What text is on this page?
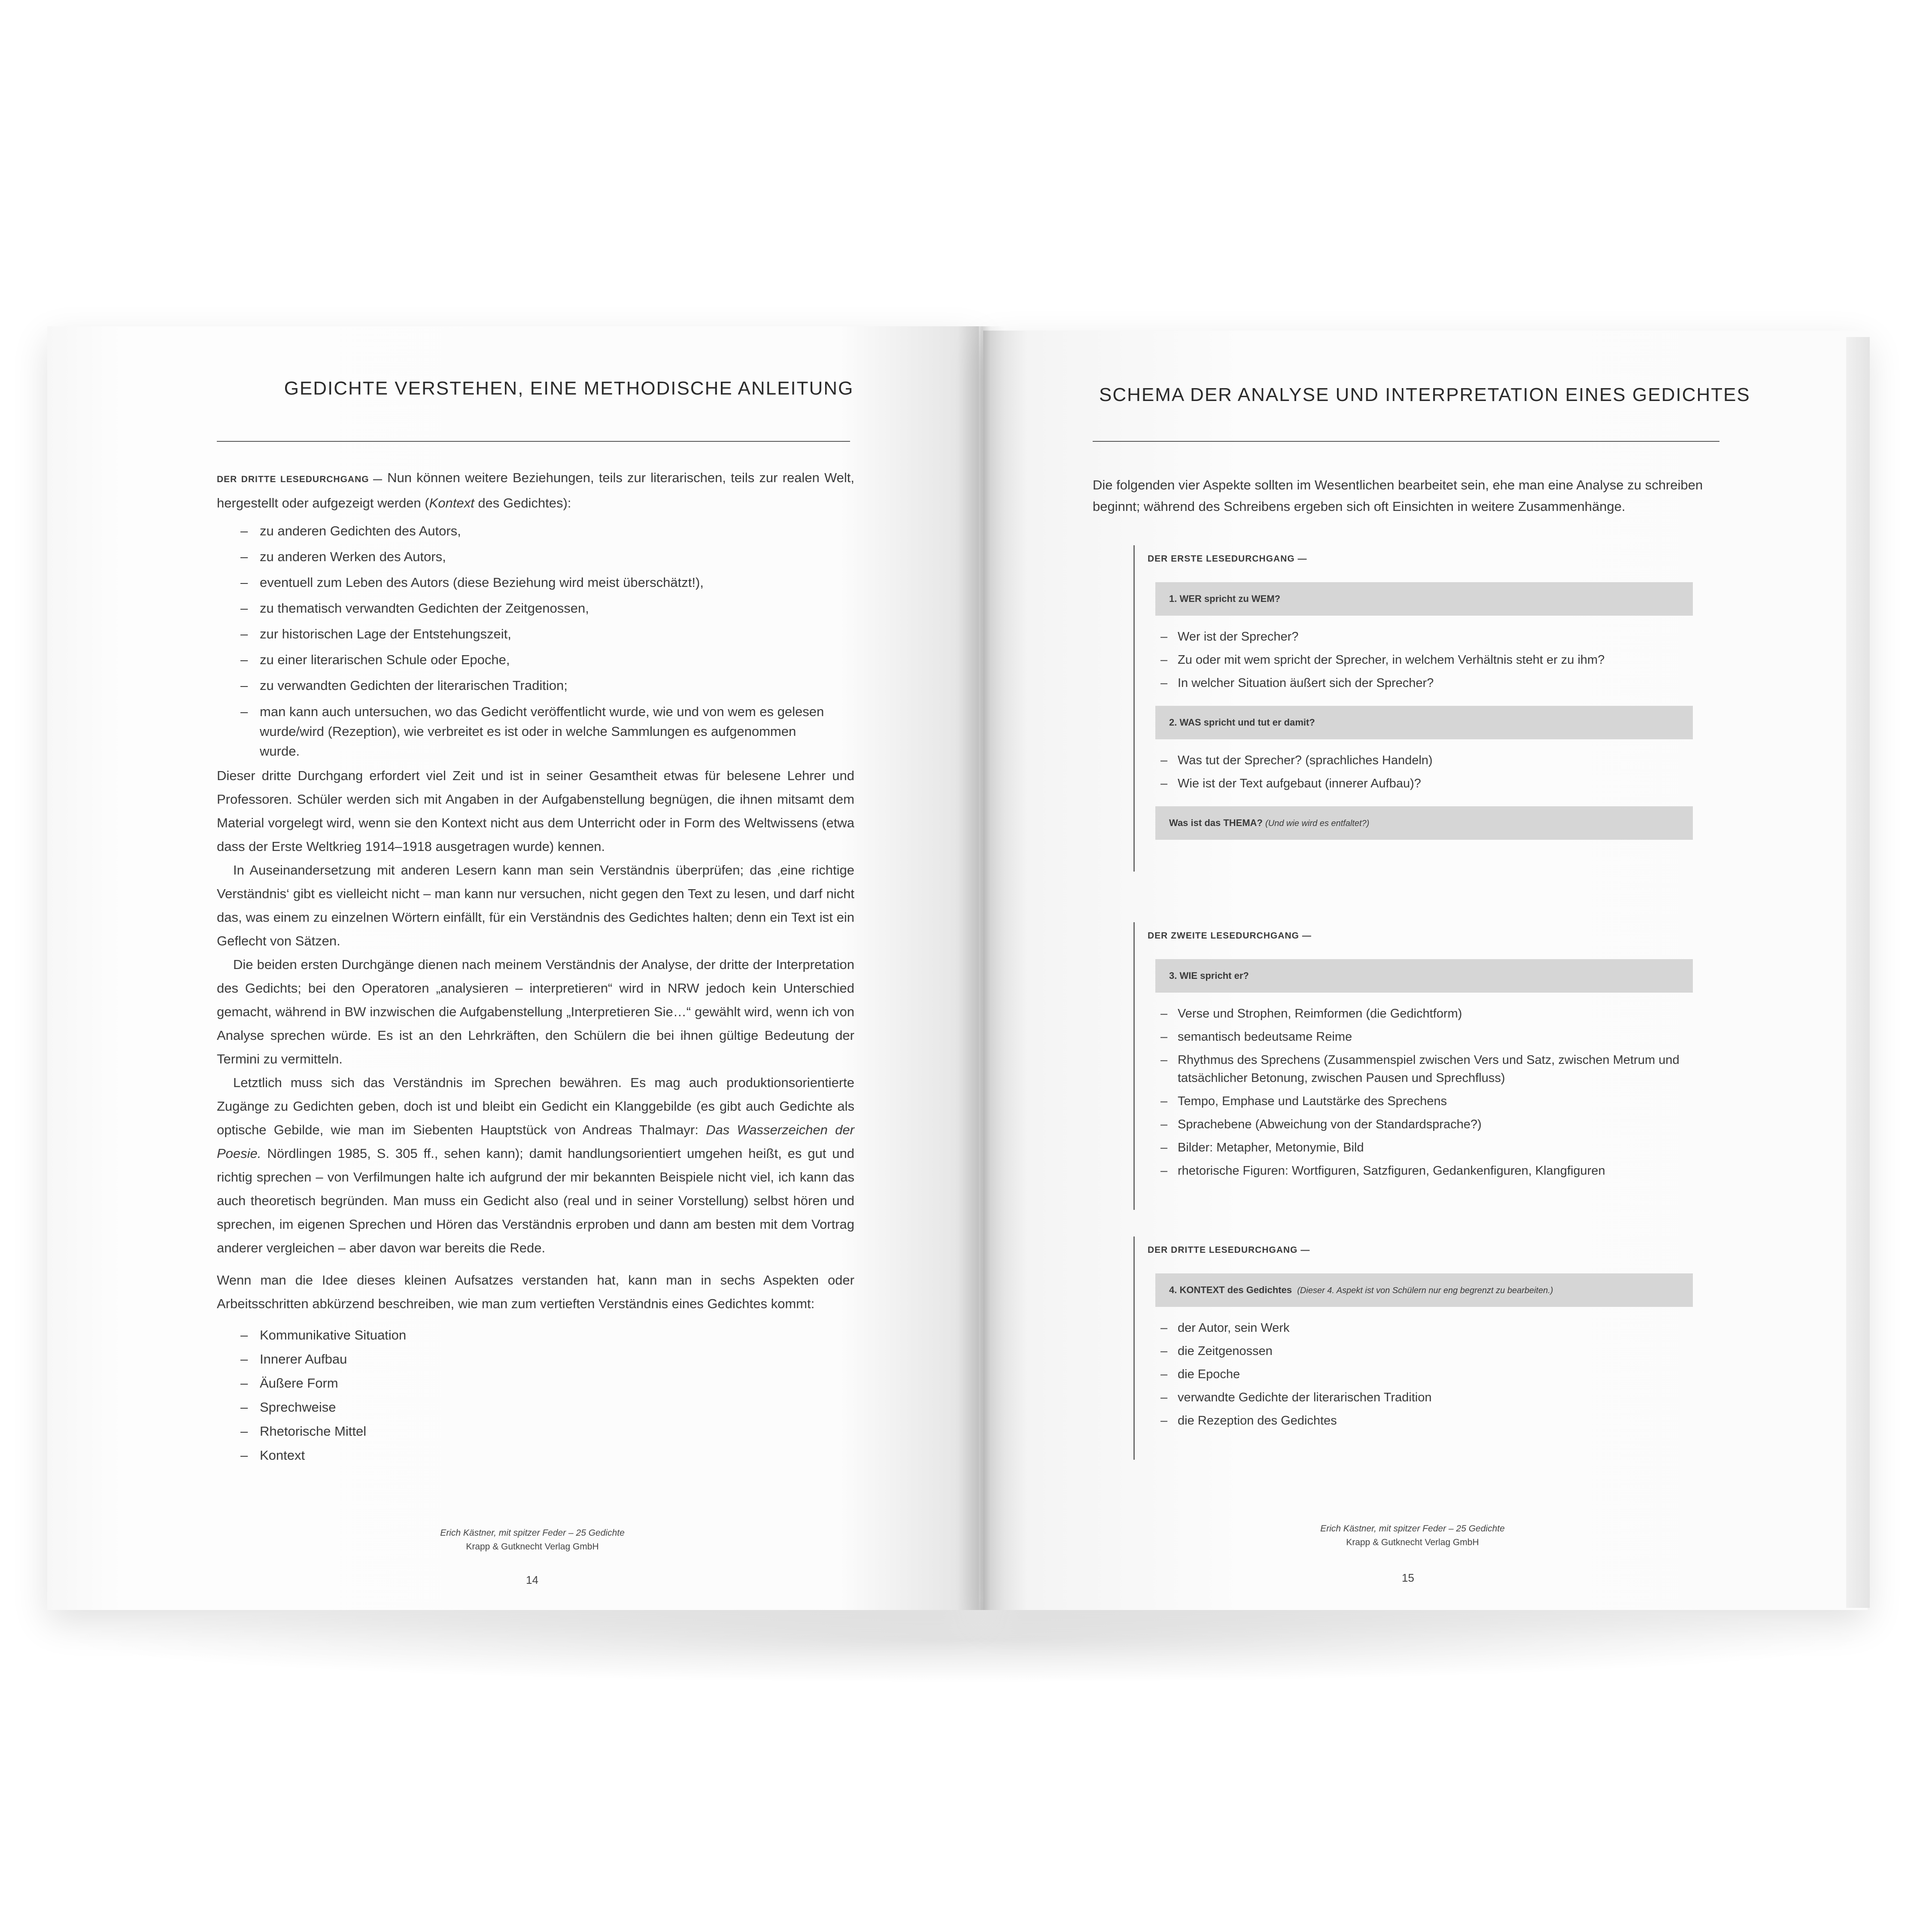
GEDICHTE VERSTEHEN, EINE METHODISCHE ANLEITUNG

DER DRITTE LESEDURCHGANG — Nun können weitere Beziehungen, teils zur literarischen, teils zur realen Welt, hergestellt oder aufgezeigt werden (Kontext des Gedichtes):

– zu anderen Gedichten des Autors,
– zu anderen Werken des Autors,
– eventuell zum Leben des Autors (diese Beziehung wird meist überschätzt!),
– zu thematisch verwandten Gedichten der Zeitgenossen,
– zur historischen Lage der Entstehungszeit,
– zu einer literarischen Schule oder Epoche,
– zu verwandten Gedichten der literarischen Tradition;
– man kann auch untersuchen, wo das Gedicht veröffentlicht wurde, wie und von wem es gelesen wurde/wird (Rezeption), wie verbreitet es ist oder in welche Sammlungen es aufgenommen wurde.

Dieser dritte Durchgang erfordert viel Zeit und ist in seiner Gesamtheit etwas für belesene Lehrer und Professoren. Schüler werden sich mit Angaben in der Aufgabenstellung begnügen, die ihnen mitsamt dem Material vorgelegt wird, wenn sie den Kontext nicht aus dem Unterricht oder in Form des Weltwissens (etwa dass der Erste Weltkrieg 1914–1918 ausgetragen wurde) kennen.

In Auseinandersetzung mit anderen Lesern kann man sein Verständnis überprüfen; das ‚eine richtige Verständnis‘ gibt es vielleicht nicht – man kann nur versuchen, nicht gegen den Text zu lesen, und darf nicht das, was einem zu einzelnen Wörtern einfällt, für ein Verständnis des Gedichtes halten; denn ein Text ist ein Geflecht von Sätzen.

Die beiden ersten Durchgänge dienen nach meinem Verständnis der Analyse, der dritte der Interpretation des Gedichts; bei den Operatoren „analysieren – interpretieren“ wird in NRW jedoch kein Unterschied gemacht, während in BW inzwischen die Aufgabenstellung „Interpretieren Sie…“ gewählt wird, wenn ich von Analyse sprechen würde. Es ist an den Lehrkräften, den Schülern die bei ihnen gültige Bedeutung der Termini zu vermitteln.

Letztlich muss sich das Verständnis im Sprechen bewähren. Es mag auch produktionsorientierte Zugänge zu Gedichten geben, doch ist und bleibt ein Gedicht ein Klanggebilde (es gibt auch Gedichte als optische Gebilde, wie man im Siebenten Hauptstück von Andreas Thalmayr: Das Wasserzeichen der Poesie. Nördlingen 1985, S. 305 ff., sehen kann); damit handlungsorientiert umgehen heißt, es gut und richtig sprechen – von Verfilmungen halte ich aufgrund der mir bekannten Beispiele nicht viel, ich kann das auch theoretisch begründen. Man muss ein Gedicht also (real und in seiner Vorstellung) selbst hören und sprechen, im eigenen Sprechen und Hören das Verständnis erproben und dann am besten mit dem Vortrag anderer vergleichen – aber davon war bereits die Rede.

Wenn man die Idee dieses kleinen Aufsatzes verstanden hat, kann man in sechs Aspekten oder Arbeitsschritten abkürzend beschreiben, wie man zum vertieften Verständnis eines Gedichtes kommt:

– Kommunikative Situation
– Innerer Aufbau
– Äußere Form
– Sprechweise
– Rhetorische Mittel
– Kontext
Erich Kästner, mit spitzer Feder – 25 Gedichte
Krapp & Gutknecht Verlag GmbH
14
SCHEMA DER ANALYSE UND INTERPRETATION EINES GEDICHTES
Die folgenden vier Aspekte sollten im Wesentlichen bearbeitet sein, ehe man eine Analyse zu schreiben beginnt; während des Schreibens ergeben sich oft Einsichten in weitere Zusammenhänge.
DER ERSTE LESEDURCHGANG —
1. WER spricht zu WEM?
– Wer ist der Sprecher?
– Zu oder mit wem spricht der Sprecher, in welchem Verhältnis steht er zu ihm?
– In welcher Situation äußert sich der Sprecher?
2. WAS spricht und tut er damit?
– Was tut der Sprecher? (sprachliches Handeln)
– Wie ist der Text aufgebaut (innerer Aufbau)?
Was ist das THEMA? (Und wie wird es entfaltet?)
DER ZWEITE LESEDURCHGANG —
3. WIE spricht er?
– Verse und Strophen, Reimformen (die Gedichtform)
– semantisch bedeutsame Reime
– Rhythmus des Sprechens (Zusammenspiel zwischen Vers und Satz, zwischen Metrum und tatsächlicher Betonung, zwischen Pausen und Sprechfluss)
– Tempo, Emphase und Lautstärke des Sprechens
– Sprachebene (Abweichung von der Standardsprache?)
– Bilder: Metapher, Metonymie, Bild
– rhetorische Figuren: Wortfiguren, Satzfiguren, Gedankenfiguren, Klangfiguren
DER DRITTE LESEDURCHGANG —
4. KONTEXT des Gedichtes (Dieser 4. Aspekt ist von Schülern nur eng begrenzt zu bearbeiten.)
– der Autor, sein Werk
– die Zeitgenossen
– die Epoche
– verwandte Gedichte der literarischen Tradition
– die Rezeption des Gedichtes
Erich Kästner, mit spitzer Feder – 25 Gedichte
Krapp & Gutknecht Verlag GmbH
15
